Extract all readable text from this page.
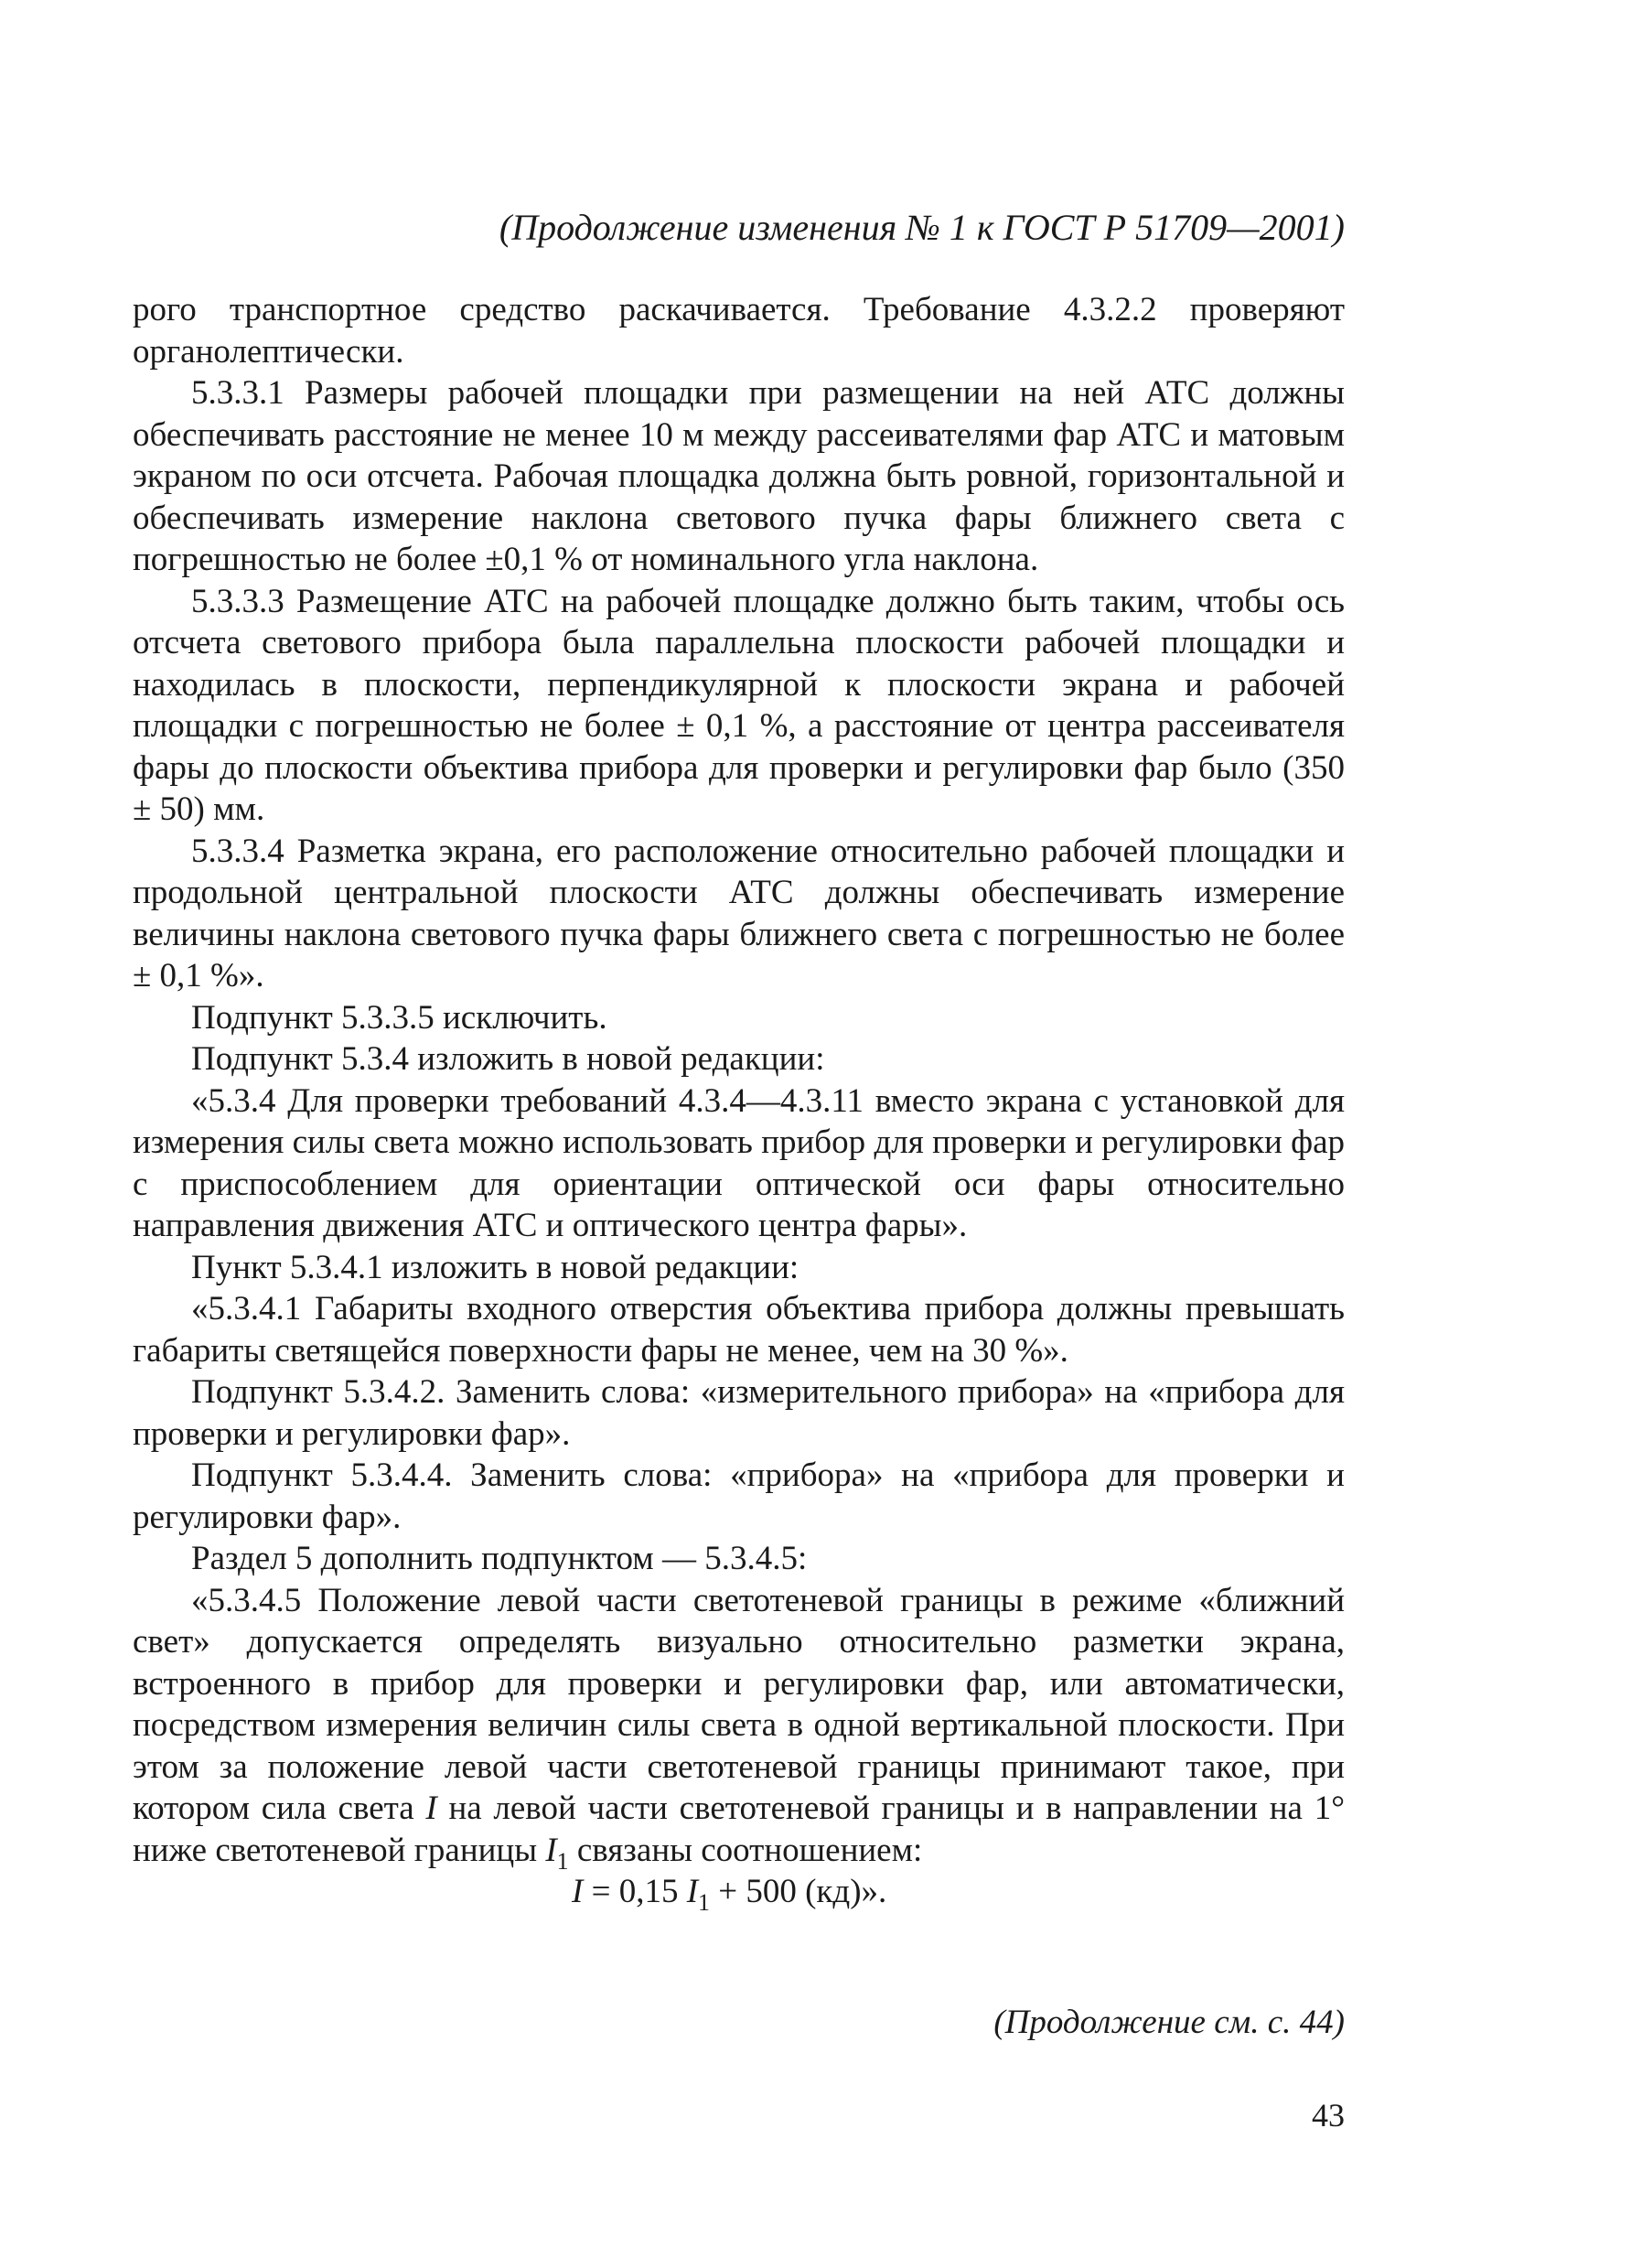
(Продолжение изменения № 1 к ГОСТ Р 51709—2001)

рого транспортное средство раскачивается. Требование 4.3.2.2 проверяют органолептически.

5.3.3.1 Размеры рабочей площадки при размещении на ней АТС должны обеспечивать расстояние не менее 10 м между рассеивателями фар АТС и матовым экраном по оси отсчета. Рабочая площадка должна быть ровной, горизонтальной и обеспечивать измерение наклона светового пучка фары ближнего света с погрешностью не более ±0,1 % от номинального угла наклона.

5.3.3.3 Размещение АТС на рабочей площадке должно быть таким, чтобы ось отсчета светового прибора была параллельна плоскости рабочей площадки и находилась в плоскости, перпендикулярной к плоскости экрана и рабочей площадки с погрешностью не более ± 0,1 %, а расстояние от центра рассеивателя фары до плоскости объектива прибора для проверки и регулировки фар было (350 ± 50) мм.

5.3.3.4 Разметка экрана, его расположение относительно рабочей площадки и продольной центральной плоскости АТС должны обеспечивать измерение величины наклона светового пучка фары ближнего света с погрешностью не более ± 0,1 %».

Подпункт 5.3.3.5 исключить.

Подпункт 5.3.4 изложить в новой редакции:

«5.3.4 Для проверки требований 4.3.4—4.3.11 вместо экрана с установкой для измерения силы света можно использовать прибор для проверки и регулировки фар с приспособлением для ориентации оптической оси фары относительно направления движения АТС и оптического центра фары».

Пункт 5.3.4.1 изложить в новой редакции:

«5.3.4.1 Габариты входного отверстия объектива прибора должны превышать габариты светящейся поверхности фары не менее, чем на 30 %».

Подпункт 5.3.4.2. Заменить слова: «измерительного прибора» на «прибора для проверки и регулировки фар».

Подпункт 5.3.4.4. Заменить слова: «прибора» на «прибора для проверки и регулировки фар».

Раздел 5 дополнить подпунктом — 5.3.4.5:

«5.3.4.5 Положение левой части светотеневой границы в режиме «ближний свет» допускается определять визуально относительно разметки экрана, встроенного в прибор для проверки и регулировки фар, или автоматически, посредством измерения величин силы света в одной вертикальной плоскости. При этом за положение левой части светотеневой границы принимают такое, при котором сила света I на левой части светотеневой границы и в направлении на 1° ниже светотеневой границы $I_1$ связаны соотношением:

I = 0,15 $I_1 + 500$ (кд)».

(Продолжение см. с. 44)

43
